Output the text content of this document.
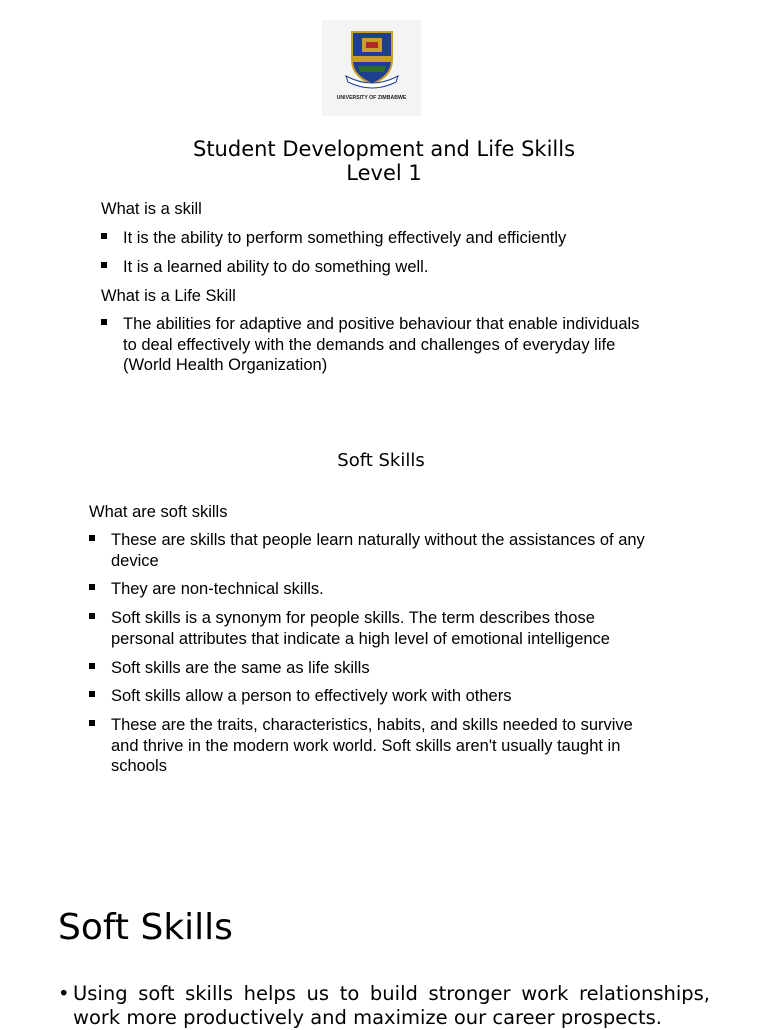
UNIVERSITY OF ZIMBABWE
Student Development and Life Skills
Level 1
What is a skill
It is the ability to perform something effectively and efficiently
It is a learned ability to do something well.
What is a Life Skill
The abilities for adaptive and positive behaviour that enable individuals to deal effectively with the demands and challenges of everyday life (World Health Organization)
Soft Skills
What are soft skills
These are skills that people learn naturally without the assistances of any device
They are non-technical skills.
Soft skills is a synonym for people skills. The term describes those personal attributes that indicate a high level of emotional intelligence
Soft skills are the same as life skills
Soft skills allow a person to effectively work with others
These are the traits, characteristics, habits, and skills needed to survive and thrive in the modern work world. Soft skills aren't usually taught in schools
Soft Skills
• Using soft skills helps us to build stronger work relationships, work more productively and maximize our career prospects.
